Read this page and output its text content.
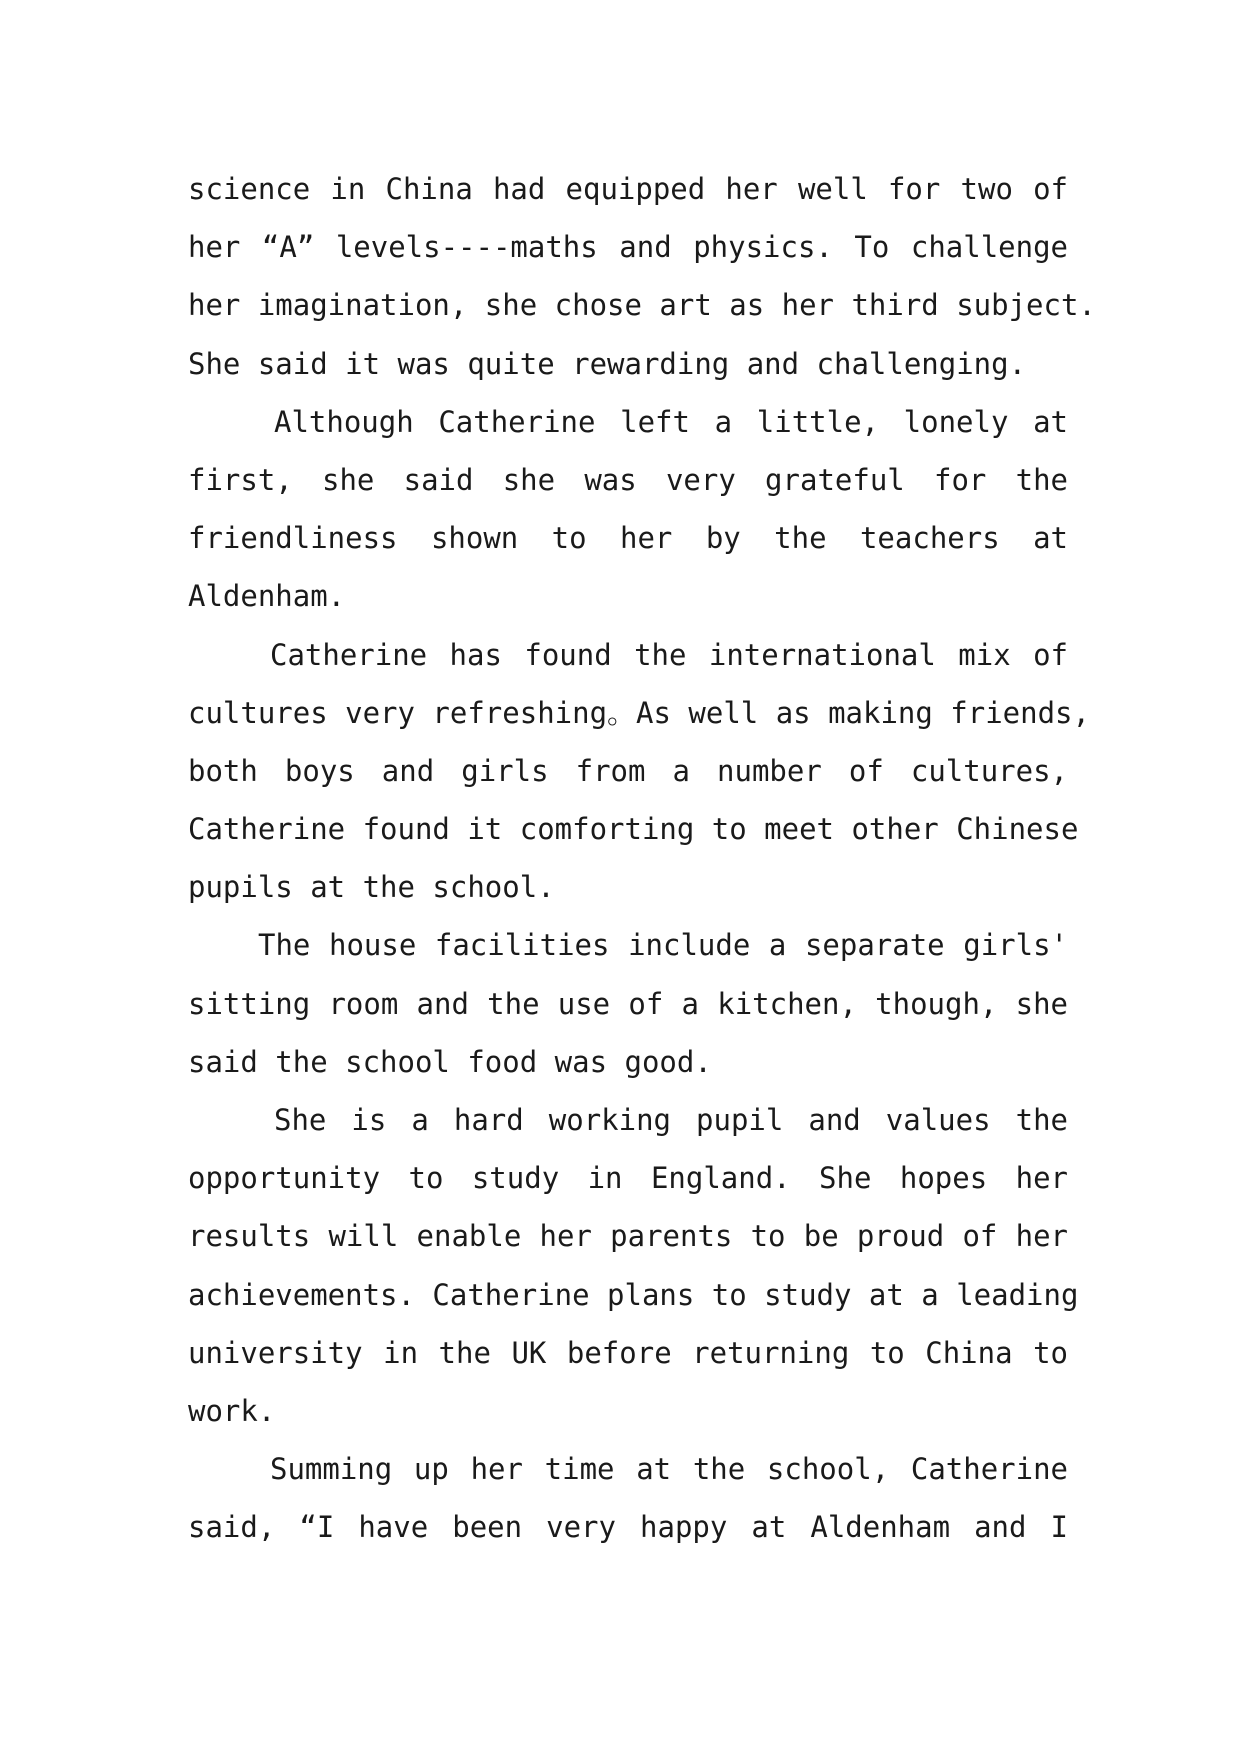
science in China had equipped her well for two of
her “A” levels----maths and physics. To challenge
her imagination, she chose art as her third subject.
She said it was quite rewarding and challenging.
Although Catherine left a little, lonely at
first, she said she was very grateful for the
friendliness shown to her by the teachers at
Aldenham.
Catherine has found the international mix of
cultures very refreshing。As well as making friends,
both boys and girls from a number of cultures,
Catherine found it comforting to meet other Chinese
pupils at the school.
The house facilities include a separate girls'
sitting room and the use of a kitchen, though, she
said the school food was good.
She is a hard working pupil and values the
opportunity to study in England. She hopes her
results will enable her parents to be proud of her
achievements. Catherine plans to study at a leading
university in the UK before returning to China to
work.
Summing up her time at the school, Catherine
said, “I have been very happy at Aldenham and I
